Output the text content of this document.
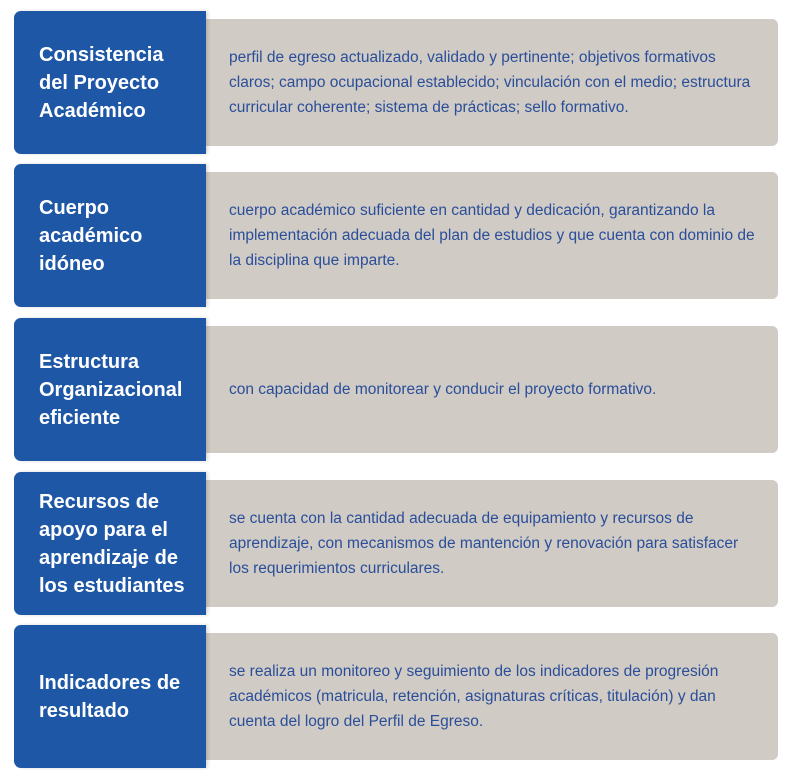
perfil de egreso actualizado, validado y pertinente; objetivos formativos claros; campo ocupacional establecido; vinculación con el medio; estructura curricular coherente; sistema de prácticas; sello formativo.
Consistencia del Proyecto Académico
cuerpo académico suficiente en cantidad y dedicación, garantizando la implementación adecuada del plan de estudios y que cuenta con dominio de la disciplina que imparte.
Cuerpo académico idóneo
con capacidad de monitorear y conducir el proyecto formativo.
Estructura Organizacional eficiente
se cuenta con la cantidad adecuada de equipamiento y recursos de aprendizaje, con mecanismos de mantención y renovación para satisfacer los requerimientos curriculares.
Recursos de apoyo para el aprendizaje de los estudiantes
se realiza un monitoreo y seguimiento de los indicadores de progresión académicos (matricula, retención, asignaturas críticas, titulación) y dan cuenta del logro del Perfil de Egreso.
Indicadores de resultado
